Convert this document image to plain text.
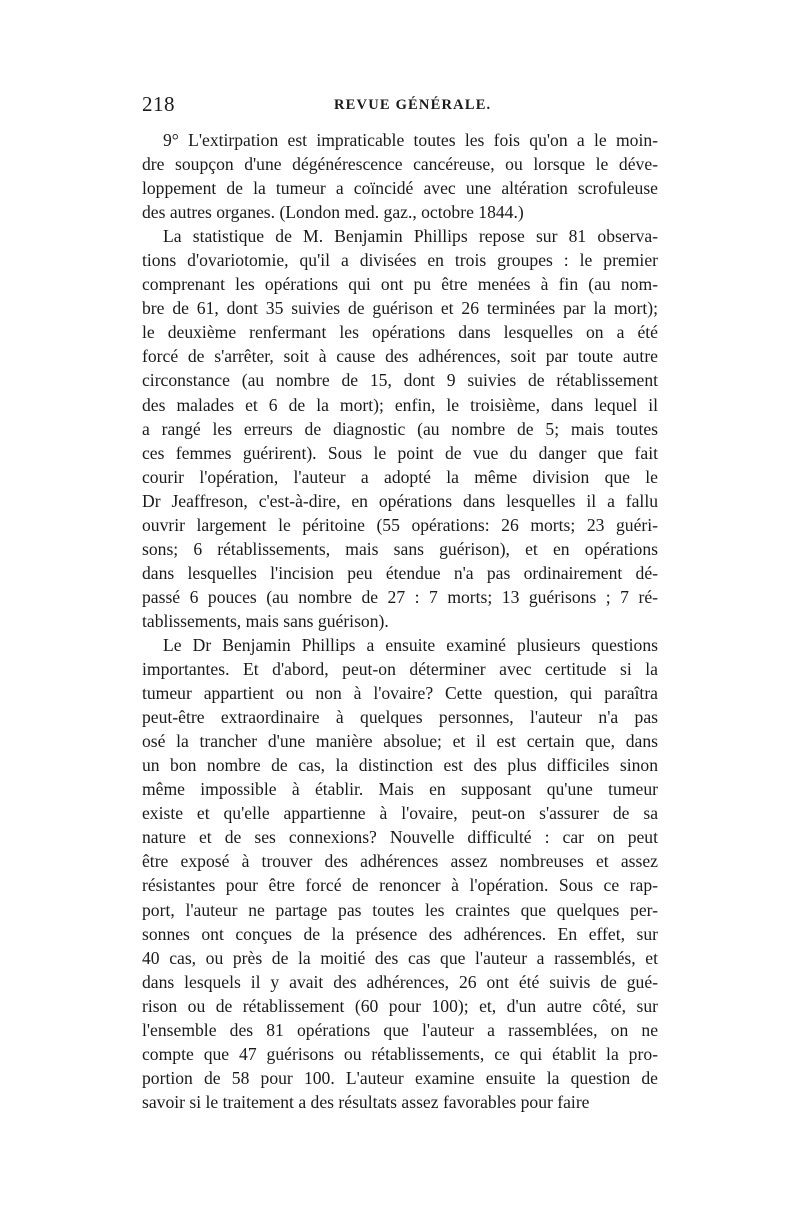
218	REVUE GÉNÉRALE.
9° L'extirpation est impraticable toutes les fois qu'on a le moin-
dre soupçon d'une dégénérescence cancéreuse, ou lorsque le déve-
loppement de la tumeur a coïncidé avec une altération scrofuleuse
des autres organes. (London med. gaz., octobre 1844.)
La statistique de M. Benjamin Phillips repose sur 81 observa-
tions d'ovariotomie, qu'il a divisées en trois groupes : le premier
comprenant les opérations qui ont pu être menées à fin (au nom-
bre de 61, dont 35 suivies de guérison et 26 terminées par la mort);
le deuxième renfermant les opérations dans lesquelles on a été
forcé de s'arrêter, soit à cause des adhérences, soit par toute autre
circonstance (au nombre de 15, dont 9 suivies de rétablissement
des malades et 6 de la mort); enfin, le troisième, dans lequel il
a rangé les erreurs de diagnostic (au nombre de 5; mais toutes
ces femmes guérirent). Sous le point de vue du danger que fait
courir l'opération, l'auteur a adopté la même division que le
Dr Jeaffreson, c'est-à-dire, en opérations dans lesquelles il a fallu
ouvrir largement le péritoine (55 opérations: 26 morts; 23 guéri-
sons; 6 rétablissements, mais sans guérison), et en opérations
dans lesquelles l'incision peu étendue n'a pas ordinairement dé-
passé 6 pouces (au nombre de 27 : 7 morts; 13 guérisons ; 7 ré-
tablissements, mais sans guérison).
Le Dr Benjamin Phillips a ensuite examiné plusieurs questions
importantes. Et d'abord, peut-on déterminer avec certitude si la
tumeur appartient ou non à l'ovaire? Cette question, qui paraîtra
peut-être extraordinaire à quelques personnes, l'auteur n'a pas
osé la trancher d'une manière absolue; et il est certain que, dans
un bon nombre de cas, la distinction est des plus difficiles sinon
même impossible à établir. Mais en supposant qu'une tumeur
existe et qu'elle appartienne à l'ovaire, peut-on s'assurer de sa
nature et de ses connexions? Nouvelle difficulté : car on peut
être exposé à trouver des adhérences assez nombreuses et assez
résistantes pour être forcé de renoncer à l'opération. Sous ce rap-
port, l'auteur ne partage pas toutes les craintes que quelques per-
sonnes ont conçues de la présence des adhérences. En effet, sur
40 cas, ou près de la moitié des cas que l'auteur a rassemblés, et
dans lesquels il y avait des adhérences, 26 ont été suivis de gué-
rison ou de rétablissement (60 pour 100); et, d'un autre côté, sur
l'ensemble des 81 opérations que l'auteur a rassemblées, on ne
compte que 47 guérisons ou rétablissements, ce qui établit la pro-
portion de 58 pour 100. L'auteur examine ensuite la question de
savoir si le traitement a des résultats assez favorables pour faire
